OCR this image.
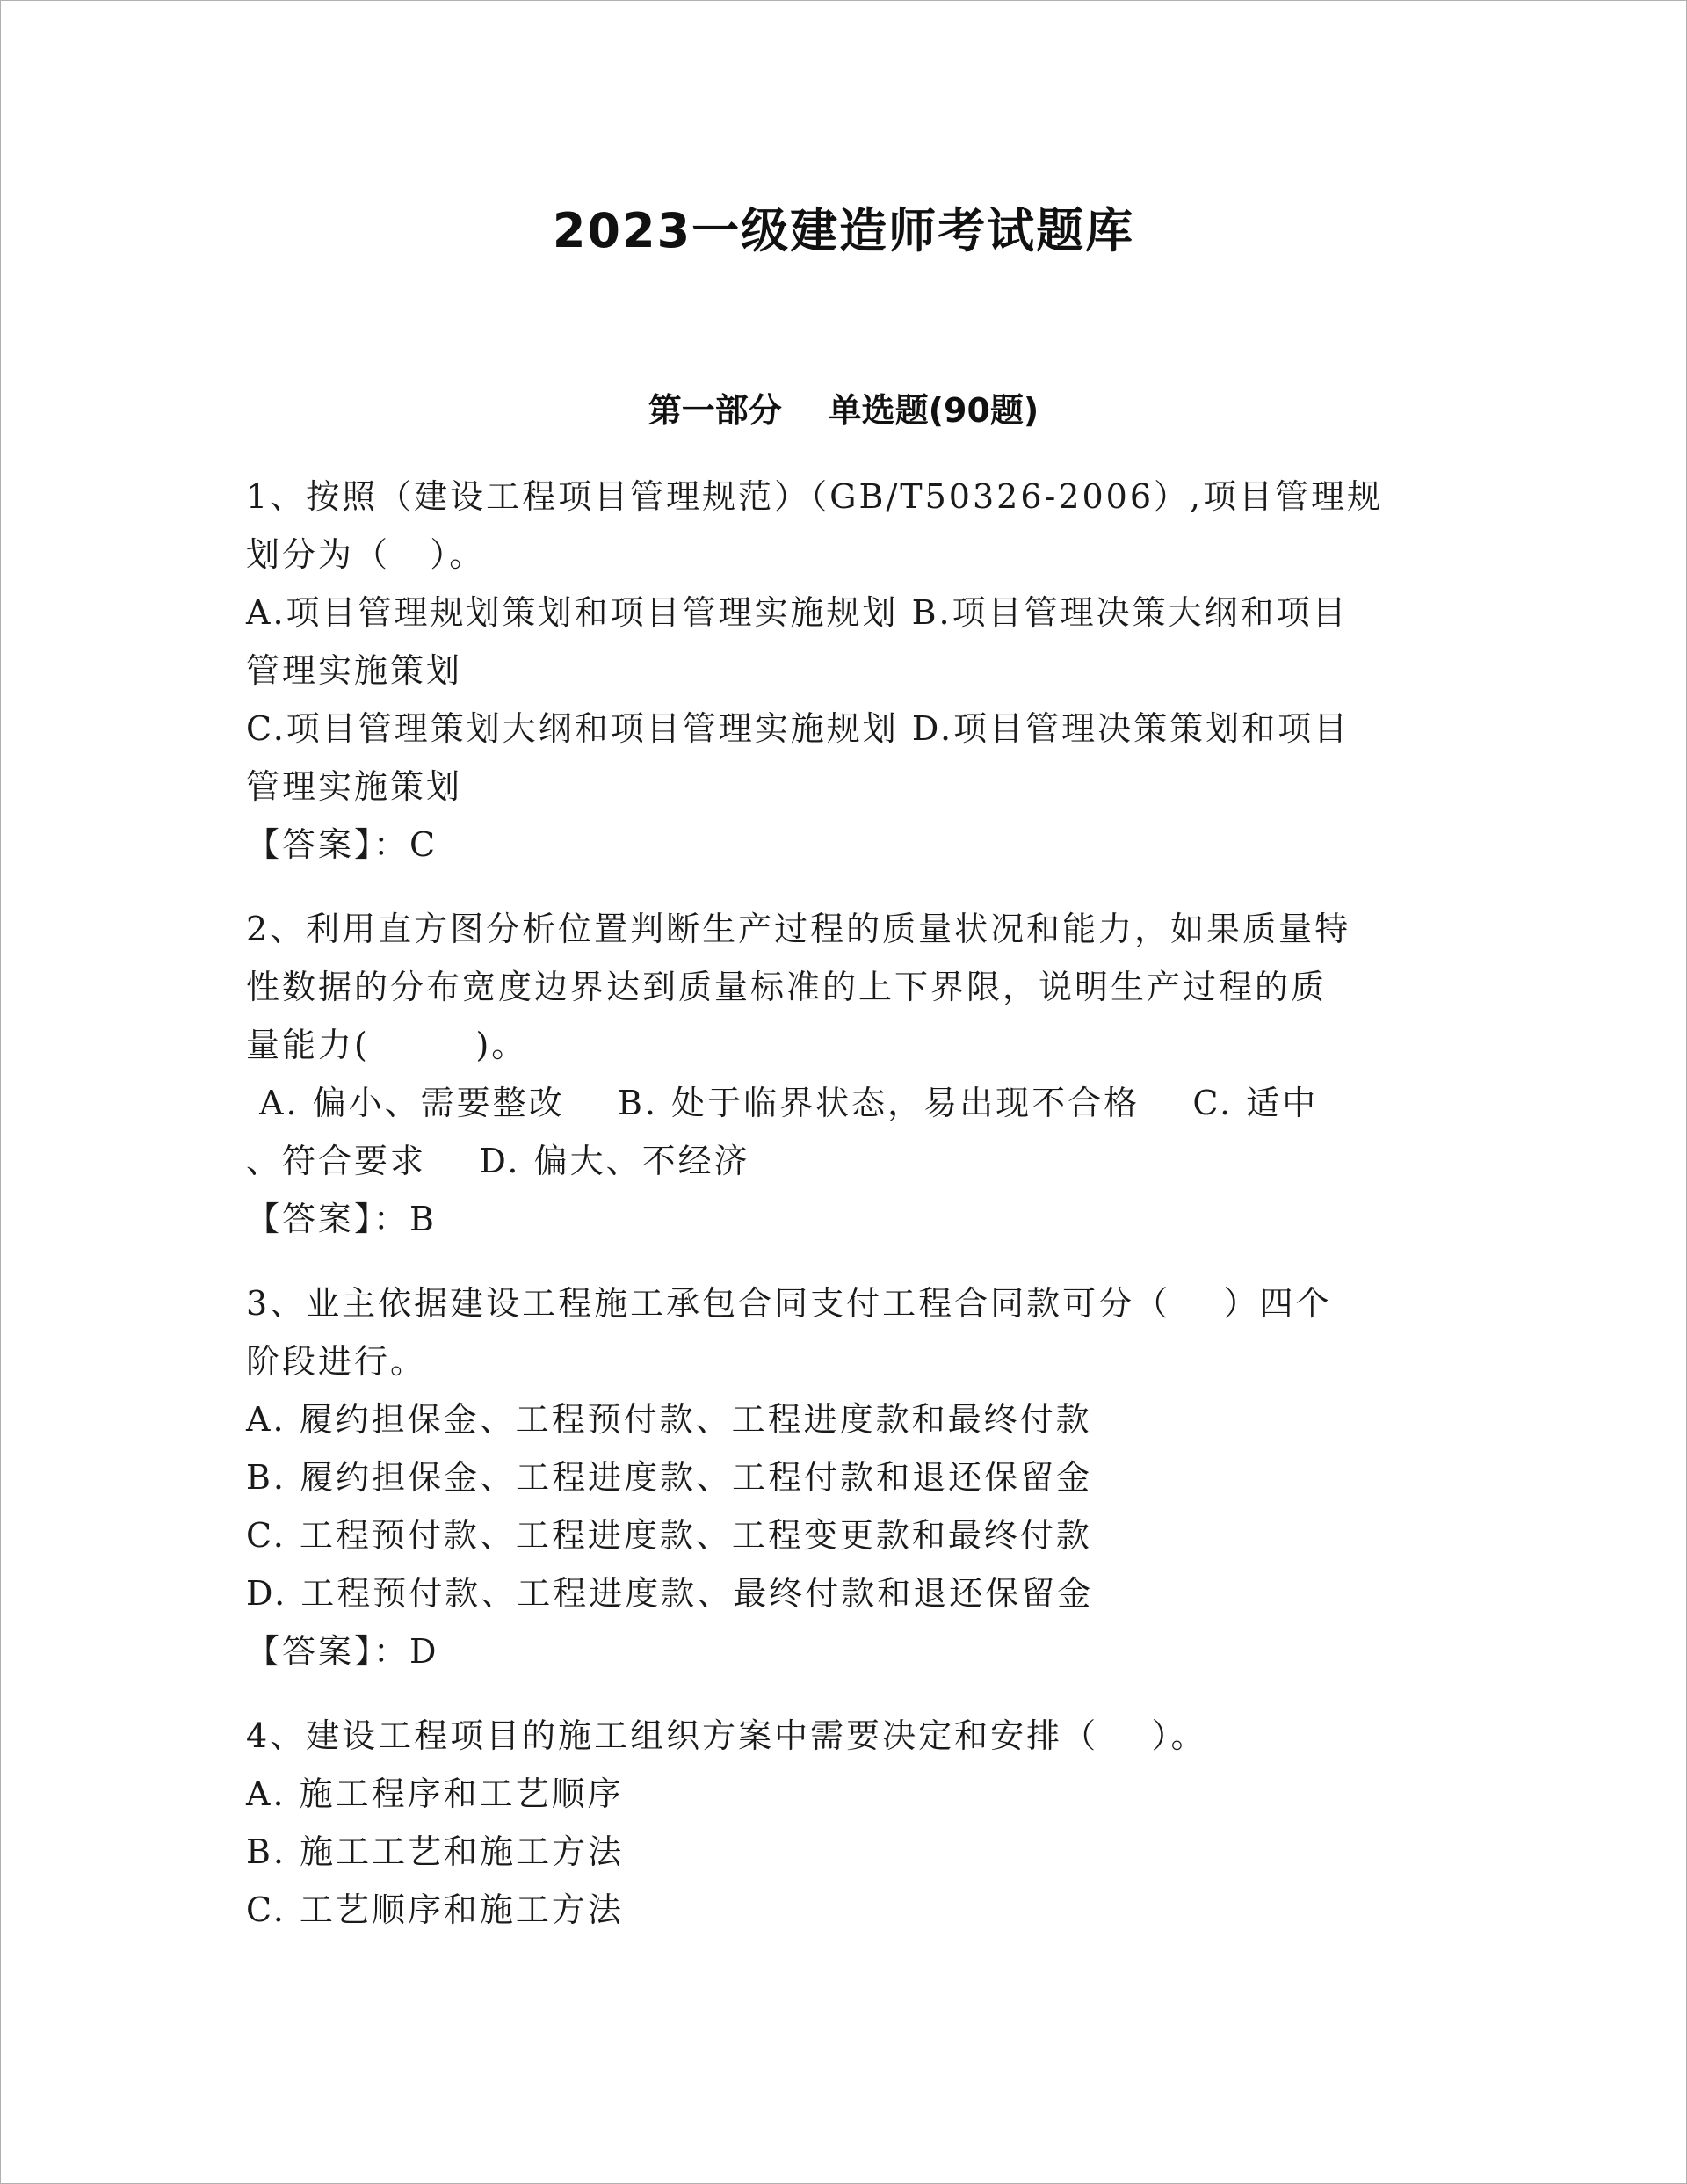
2023一级建造师考试题库
第一部分    单选题(90题)
1、按照（建设工程项目管理规范）（GB/T50326-2006）,项目管理规
划分为（   ）。
A.项目管理规划策划和项目管理实施规划 B.项目管理决策大纲和项目
管理实施策划
C.项目管理策划大纲和项目管理实施规划 D.项目管理决策策划和项目
管理实施策划
【答案】：C
2、利用直方图分析位置判断生产过程的质量状况和能力，如果质量特
性数据的分布宽度边界达到质量标准的上下界限，说明生产过程的质
量能力(        )。
A. 偏小、需要整改    B. 处于临界状态，易出现不合格    C. 适中
、符合要求    D. 偏大、不经济
【答案】：B
3、业主依据建设工程施工承包合同支付工程合同款可分（    ）四个
阶段进行。
A. 履约担保金、工程预付款、工程进度款和最终付款
B. 履约担保金、工程进度款、工程付款和退还保留金
C. 工程预付款、工程进度款、工程变更款和最终付款
D. 工程预付款、工程进度款、最终付款和退还保留金
【答案】：D
4、建设工程项目的施工组织方案中需要决定和安排（    ）。
A. 施工程序和工艺顺序
B. 施工工艺和施工方法
C. 工艺顺序和施工方法
